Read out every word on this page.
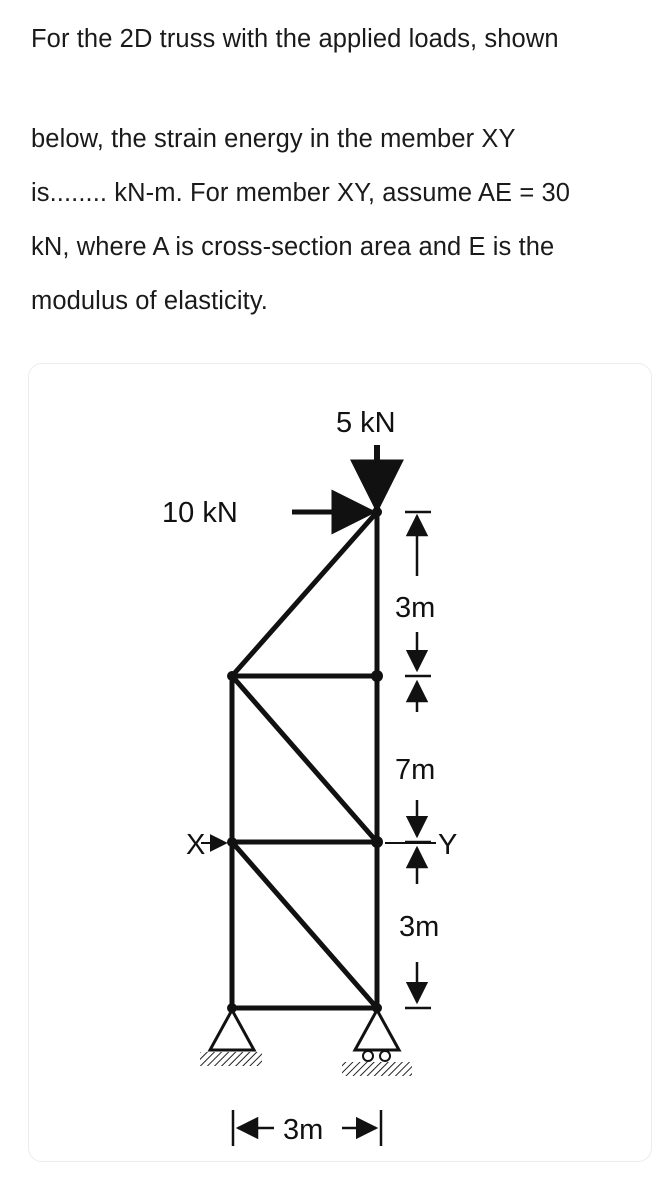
For the 2D truss with the applied loads, shown

below, the strain energy in the member XY

is........ kN-m. For member XY, assume AE = 30

kN, where A is cross-section area and E is the

modulus of elasticity.

5 kN
10 kN
3m
7m
3m
X	Y
3m
